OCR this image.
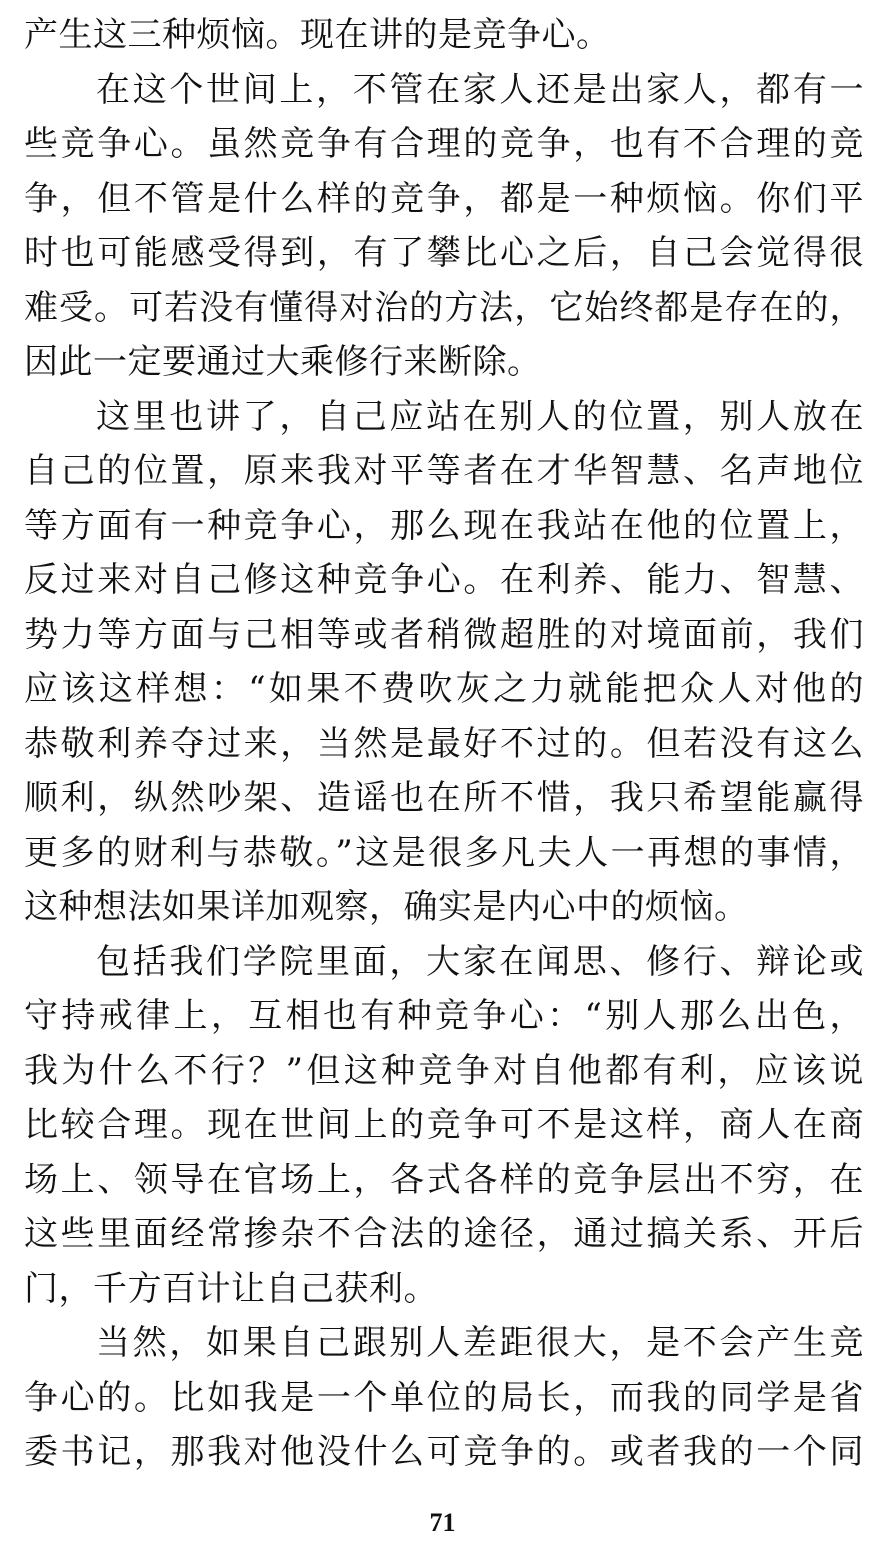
产生这三种烦恼。现在讲的是竞争心。
在这个世间上，不管在家人还是出家人，都有一
些竞争心。虽然竞争有合理的竞争，也有不合理的竞
争，但不管是什么样的竞争，都是一种烦恼。你们平
时也可能感受得到，有了攀比心之后，自己会觉得很
难受。可若没有懂得对治的方法，它始终都是存在的，
因此一定要通过大乘修行来断除。
这里也讲了，自己应站在别人的位置，别人放在
自己的位置，原来我对平等者在才华智慧、名声地位
等方面有一种竞争心，那么现在我站在他的位置上，
反过来对自己修这种竞争心。在利养、能力、智慧、
势力等方面与己相等或者稍微超胜的对境面前，我们
应该这样想：“如果不费吹灰之力就能把众人对他的
恭敬利养夺过来，当然是最好不过的。但若没有这么
顺利，纵然吵架、造谣也在所不惜，我只希望能赢得
更多的财利与恭敬。”这是很多凡夫人一再想的事情，
这种想法如果详加观察，确实是内心中的烦恼。
包括我们学院里面，大家在闻思、修行、辩论或
守持戒律上，互相也有种竞争心：“别人那么出色，
我为什么不行？”但这种竞争对自他都有利，应该说
比较合理。现在世间上的竞争可不是这样，商人在商
场上、领导在官场上，各式各样的竞争层出不穷，在
这些里面经常掺杂不合法的途径，通过搞关系、开后
门，千方百计让自己获利。
当然，如果自己跟别人差距很大，是不会产生竞
争心的。比如我是一个单位的局长，而我的同学是省
委书记，那我对他没什么可竞争的。或者我的一个同
71
